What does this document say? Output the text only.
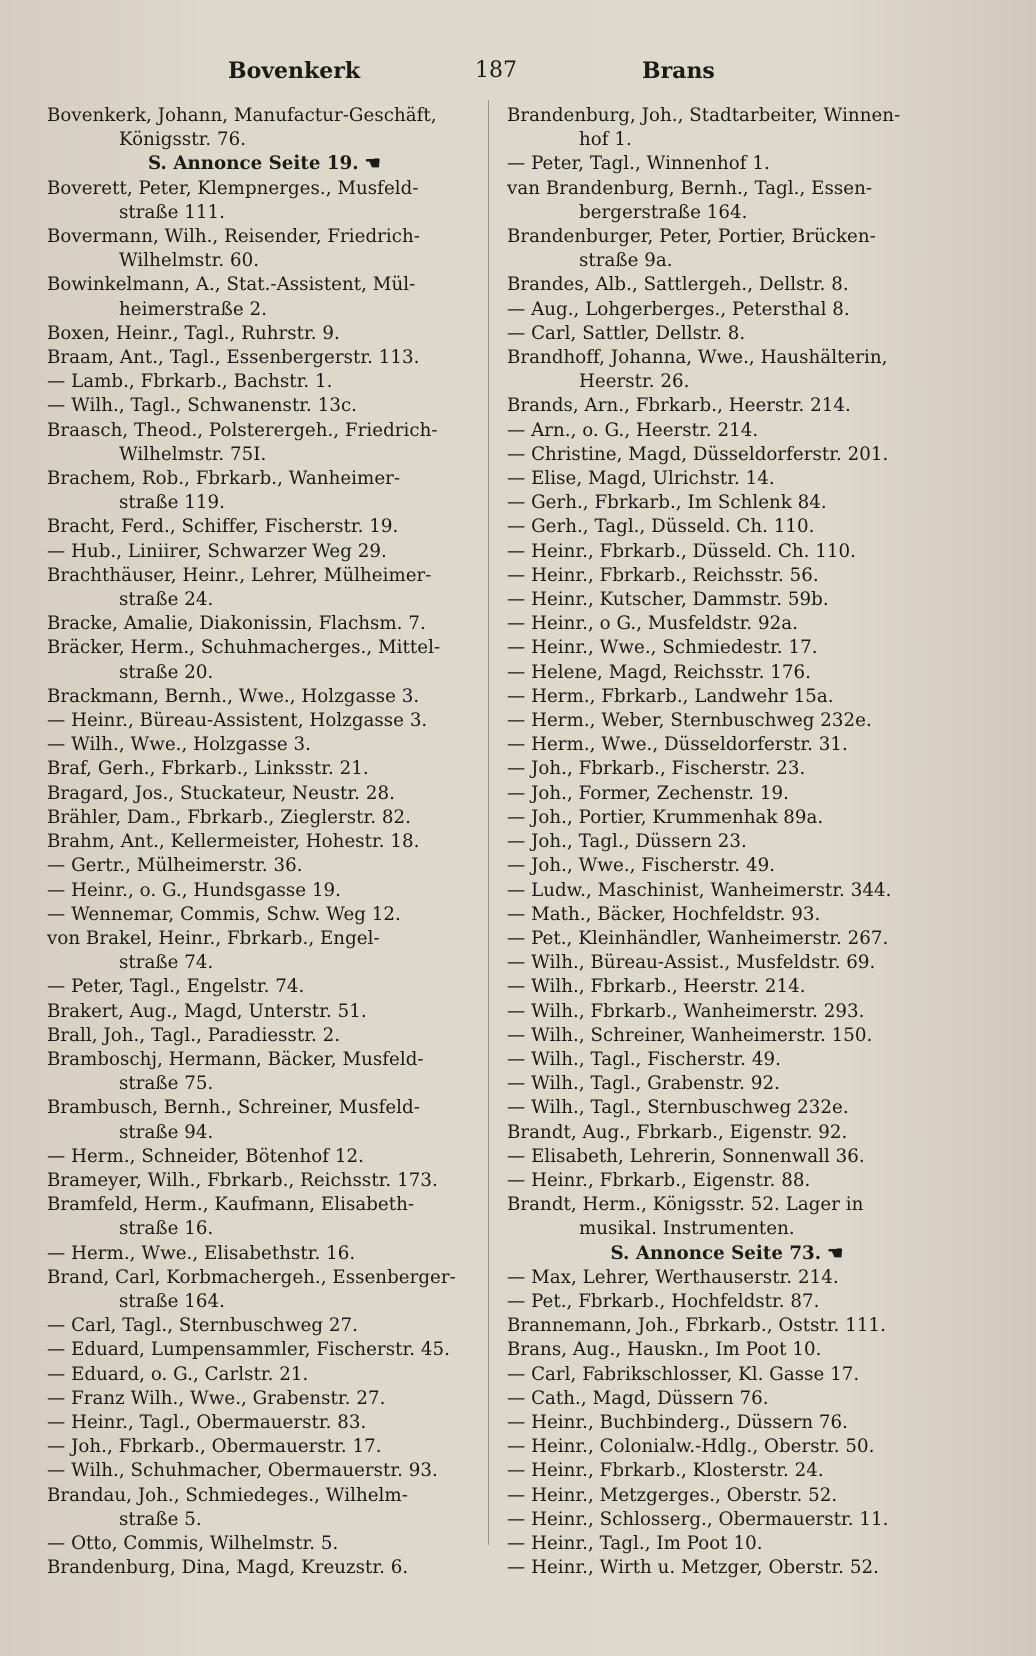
Bovenkerk	187	Brans

Bovenkerk, Johann, Manufactur-Geschäft,

Königsstr. 76.

S. Annonce Seite 19. ☚

Boverett, Peter, Klempnerges., Musfeld-

straße 111.

Bovermann, Wilh., Reisender, Friedrich-

Wilhelmstr. 60.

Bowinkelmann, A., Stat.-Assistent, Mül-

heimerstraße 2.

Boxen, Heinr., Tagl., Ruhrstr. 9.

Braam, Ant., Tagl., Essenbergerstr. 113.

— Lamb., Fbrkarb., Bachstr. 1.

— Wilh., Tagl., Schwanenstr. 13c.

Braasch, Theod., Polsterergeh., Friedrich-

Wilhelmstr. 75I.

Brachem, Rob., Fbrkarb., Wanheimer-

straße 119.

Bracht, Ferd., Schiffer, Fischerstr. 19.

— Hub., Liniirer, Schwarzer Weg 29.

Brachthäuser, Heinr., Lehrer, Mülheimer-

straße 24.

Bracke, Amalie, Diakonissin, Flachsm. 7.

Bräcker, Herm., Schuhmacherges., Mittel-

straße 20.

Brackmann, Bernh., Wwe., Holzgasse 3.

— Heinr., Büreau-Assistent, Holzgasse 3.

— Wilh., Wwe., Holzgasse 3.

Braf, Gerh., Fbrkarb., Linksstr. 21.

Bragard, Jos., Stuckateur, Neustr. 28.

Brähler, Dam., Fbrkarb., Zieglerstr. 82.

Brahm, Ant., Kellermeister, Hohestr. 18.

— Gertr., Mülheimerstr. 36.

— Heinr., o. G., Hundsgasse 19.

— Wennemar, Commis, Schw. Weg 12.

von Brakel, Heinr., Fbrkarb., Engel-

straße 74.

— Peter, Tagl., Engelstr. 74.

Brakert, Aug., Magd, Unterstr. 51.

Brall, Joh., Tagl., Paradiesstr. 2.

Bramboschj, Hermann, Bäcker, Musfeld-

straße 75.

Brambusch, Bernh., Schreiner, Musfeld-

straße 94.

— Herm., Schneider, Bötenhof 12.

Brameyer, Wilh., Fbrkarb., Reichsstr. 173.

Bramfeld, Herm., Kaufmann, Elisabeth-

straße 16.

— Herm., Wwe., Elisabethstr. 16.

Brand, Carl, Korbmachergeh., Essenberger-

straße 164.

— Carl, Tagl., Sternbuschweg 27.

— Eduard, Lumpensammler, Fischerstr. 45.

— Eduard, o. G., Carlstr. 21.

— Franz Wilh., Wwe., Grabenstr. 27.

— Heinr., Tagl., Obermauerstr. 83.

— Joh., Fbrkarb., Obermauerstr. 17.

— Wilh., Schuhmacher, Obermauerstr. 93.

Brandau, Joh., Schmiedeges., Wilhelm-

straße 5.

— Otto, Commis, Wilhelmstr. 5.

Brandenburg, Dina, Magd, Kreuzstr. 6.

Brandenburg, Joh., Stadtarbeiter, Winnen-

hof 1.

— Peter, Tagl., Winnenhof 1.

van Brandenburg, Bernh., Tagl., Essen-

bergerstraße 164.

Brandenburger, Peter, Portier, Brücken-

straße 9a.

Brandes, Alb., Sattlergeh., Dellstr. 8.

— Aug., Lohgerberges., Petersthal 8.

— Carl, Sattler, Dellstr. 8.

Brandhoff, Johanna, Wwe., Haushälterin,

Heerstr. 26.

Brands, Arn., Fbrkarb., Heerstr. 214.

— Arn., o. G., Heerstr. 214.

— Christine, Magd, Düsseldorferstr. 201.

— Elise, Magd, Ulrichstr. 14.

— Gerh., Fbrkarb., Im Schlenk 84.

— Gerh., Tagl., Düsseld. Ch. 110.

— Heinr., Fbrkarb., Düsseld. Ch. 110.

— Heinr., Fbrkarb., Reichsstr. 56.

— Heinr., Kutscher, Dammstr. 59b.

— Heinr., o G., Musfeldstr. 92a.

— Heinr., Wwe., Schmiedestr. 17.

— Helene, Magd, Reichsstr. 176.

— Herm., Fbrkarb., Landwehr 15a.

— Herm., Weber, Sternbuschweg 232e.

— Herm., Wwe., Düsseldorferstr. 31.

— Joh., Fbrkarb., Fischerstr. 23.

— Joh., Former, Zechenstr. 19.

— Joh., Portier, Krummenhak 89a.

— Joh., Tagl., Düssern 23.

— Joh., Wwe., Fischerstr. 49.

— Ludw., Maschinist, Wanheimerstr. 344.

— Math., Bäcker, Hochfeldstr. 93.

— Pet., Kleinhändler, Wanheimerstr. 267.

— Wilh., Büreau-Assist., Musfeldstr. 69.

— Wilh., Fbrkarb., Heerstr. 214.

— Wilh., Fbrkarb., Wanheimerstr. 293.

— Wilh., Schreiner, Wanheimerstr. 150.

— Wilh., Tagl., Fischerstr. 49.

— Wilh., Tagl., Grabenstr. 92.

— Wilh., Tagl., Sternbuschweg 232e.

Brandt, Aug., Fbrkarb., Eigenstr. 92.

— Elisabeth, Lehrerin, Sonnenwall 36.

— Heinr., Fbrkarb., Eigenstr. 88.

Brandt, Herm., Königsstr. 52. Lager in

musikal. Instrumenten.

S. Annonce Seite 73. ☚

— Max, Lehrer, Werthauserstr. 214.

— Pet., Fbrkarb., Hochfeldstr. 87.

Brannemann, Joh., Fbrkarb., Oststr. 111.

Brans, Aug., Hauskn., Im Poot 10.

— Carl, Fabrikschlosser, Kl. Gasse 17.

— Cath., Magd, Düssern 76.

— Heinr., Buchbinderg., Düssern 76.

— Heinr., Colonialw.-Hdlg., Oberstr. 50.

— Heinr., Fbrkarb., Klosterstr. 24.

— Heinr., Metzgerges., Oberstr. 52.

— Heinr., Schlosserg., Obermauerstr. 11.

— Heinr., Tagl., Im Poot 10.

— Heinr., Wirth u. Metzger, Oberstr. 52.
